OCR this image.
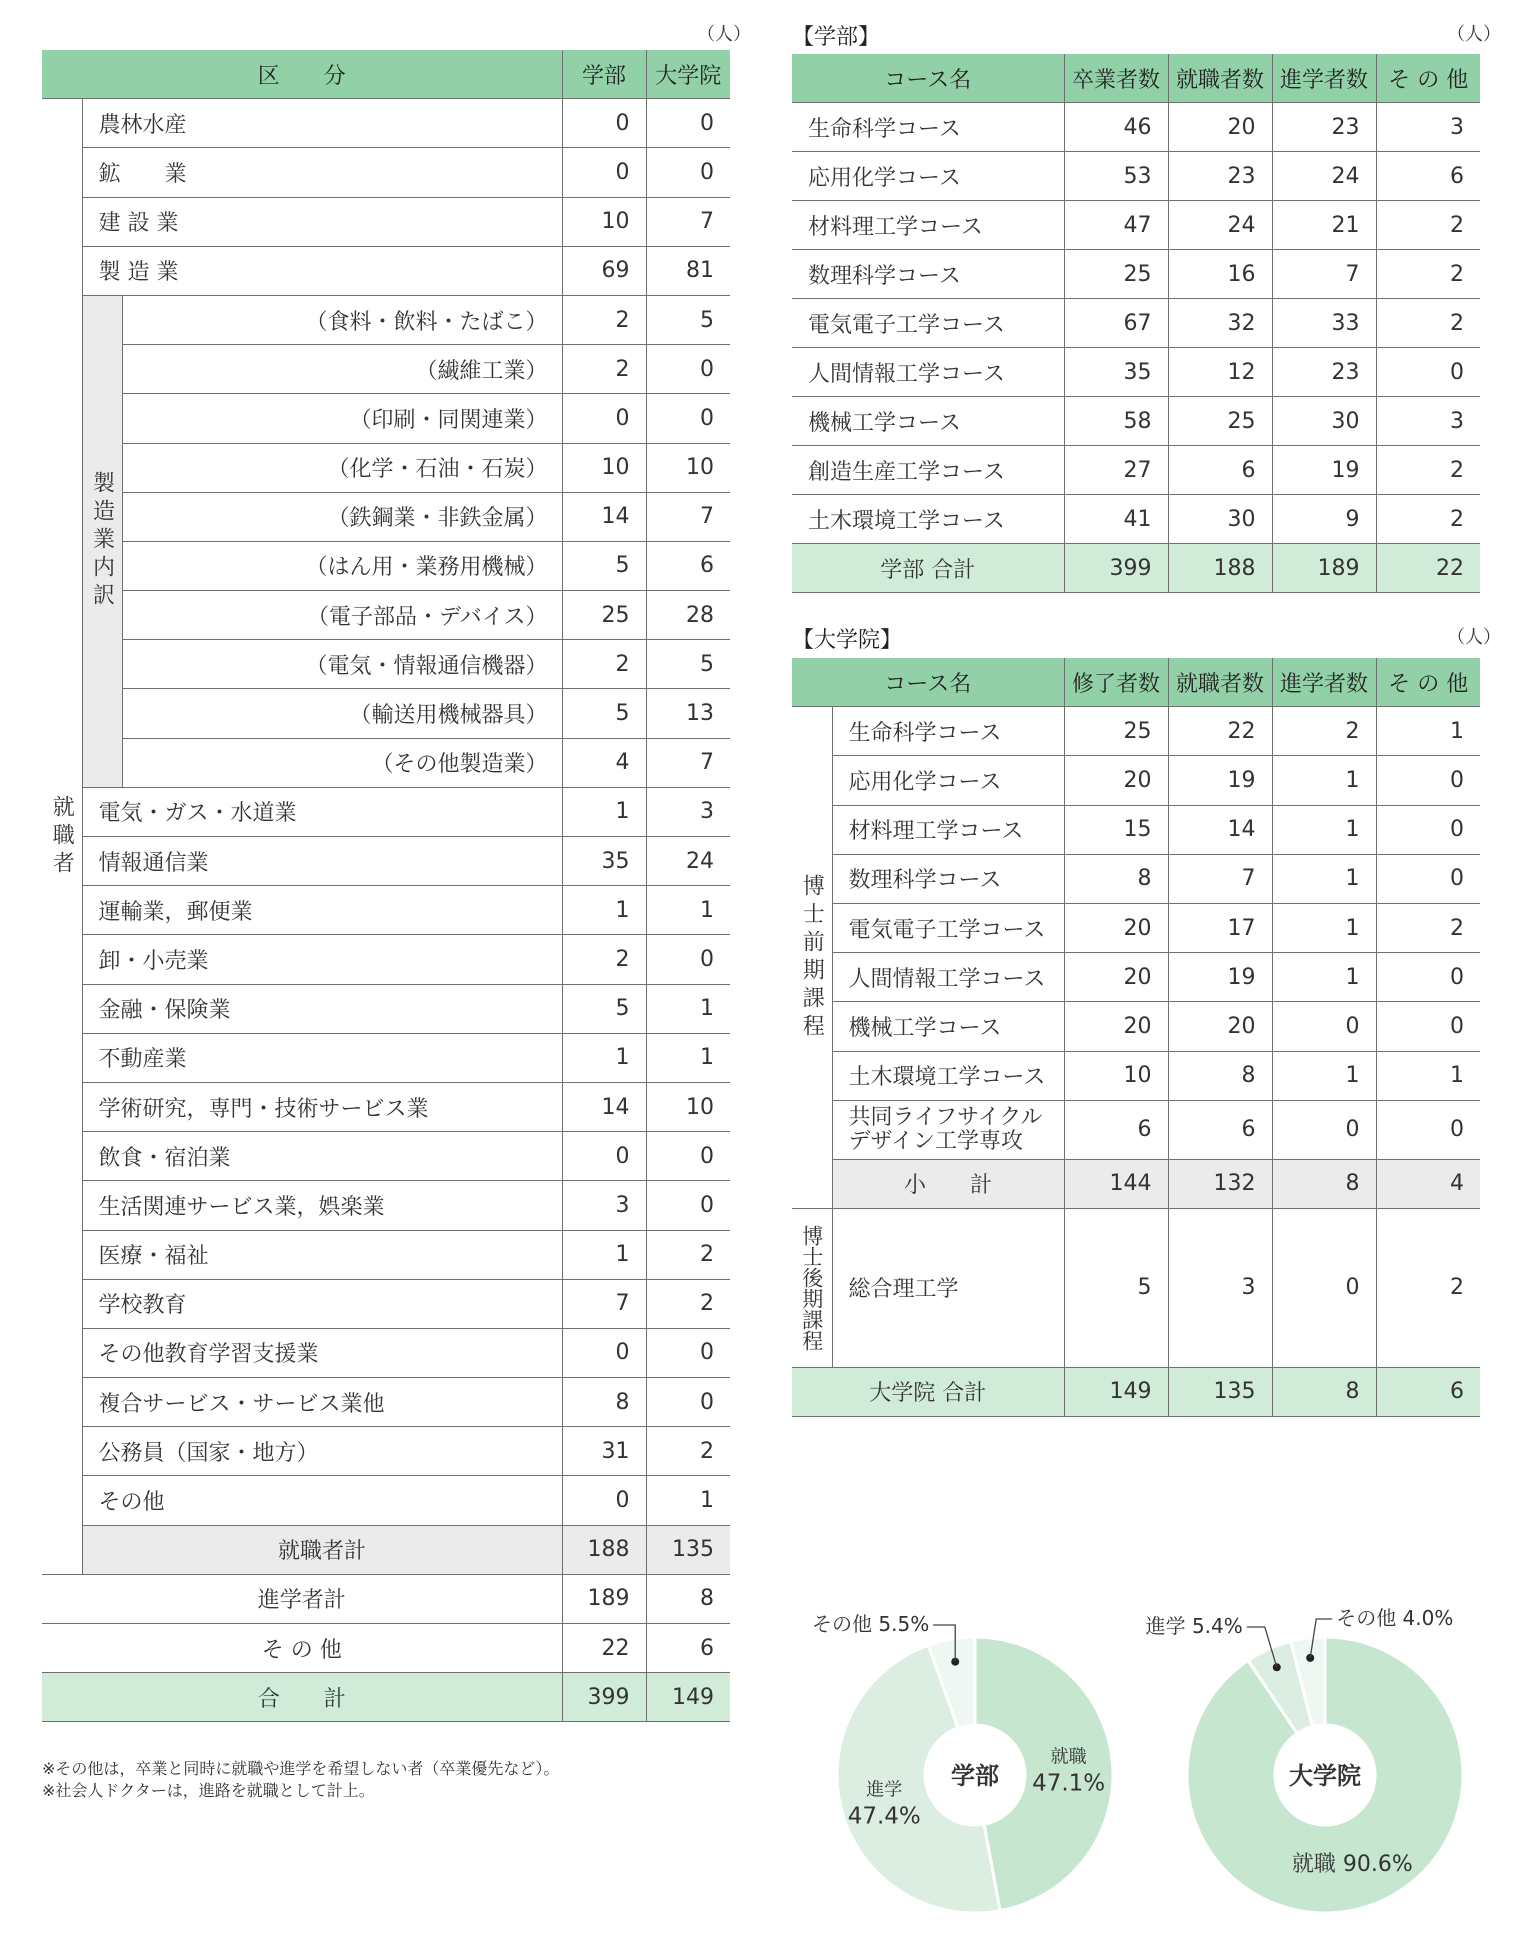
（人）
区　　分			学部	大学院
就職者	農林水産		0	0
	鉱　　業		0	0
	建 設 業		10	7
	製 造 業		69	81
	製造業内訳	（食料・飲料・たばこ）	2	5
		（繊維工業）	2	0
		（印刷・同関連業）	0	0
		（化学・石油・石炭）	10	10
		（鉄鋼業・非鉄金属）	14	7
		（はん用・業務用機械）	5	6
		（電子部品・デバイス）	25	28
		（電気・情報通信機器）	2	5
		（輸送用機械器具）	5	13
		（その他製造業）	4	7
	電気・ガス・水道業		1	3
	情報通信業		35	24
	運輸業，郵便業		1	1
	卸・小売業		2	0
	金融・保険業		5	1
	不動産業		1	1
	学術研究，専門・技術サービス業		14	10
	飲食・宿泊業		0	0
	生活関連サービス業，娯楽業		3	0
	医療・福祉		1	2
	学校教育		7	2
	その他教育学習支援業		0	0
	複合サービス・サービス業他		8	0
	公務員（国家・地方）		31	2
	その他		0	1
	就職者計		188	135
進学者計			189	8
そ の 他			22	6
合　　計			399	149
※その他は，卒業と同時に就職や進学を希望しない者（卒業優先など）。
※社会人ドクターは，進路を就職として計上。
【学部】	（人）
コース名	卒業者数	就職者数	進学者数	そ の 他
生命科学コース	46	20	23	3
応用化学コース	53	23	24	6
材料理工学コース	47	24	21	2
数理科学コース	25	16	7	2
電気電子工学コース	67	32	33	2
人間情報工学コース	35	12	23	0
機械工学コース	58	25	30	3
創造生産工学コース	27	6	19	2
土木環境工学コース	41	30	9	2
学部 合計	399	188	189	22
【大学院】	（人）
コース名		修了者数	就職者数	進学者数	そ の 他
博士前期課程	生命科学コース	25	22	2	1
	応用化学コース	20	19	1	0
	材料理工学コース	15	14	1	0
	数理科学コース	8	7	1	0
	電気電子工学コース	20	17	1	2
	人間情報工学コース	20	19	1	0
	機械工学コース	20	20	0	0
	土木環境工学コース	10	8	1	1

	共同ライフサイクル
デザイン工学専攻	6	6	0	0
	小　　計	144	132	8	4
博士後期課程	総合理工学	5	3	0	2
大学院 合計		149	135	8	6
学部
就職
47.1%
進学
47.4%
その他 5.5%
大学院
就職 90.6%
進学 5.4%	その他 4.0%
